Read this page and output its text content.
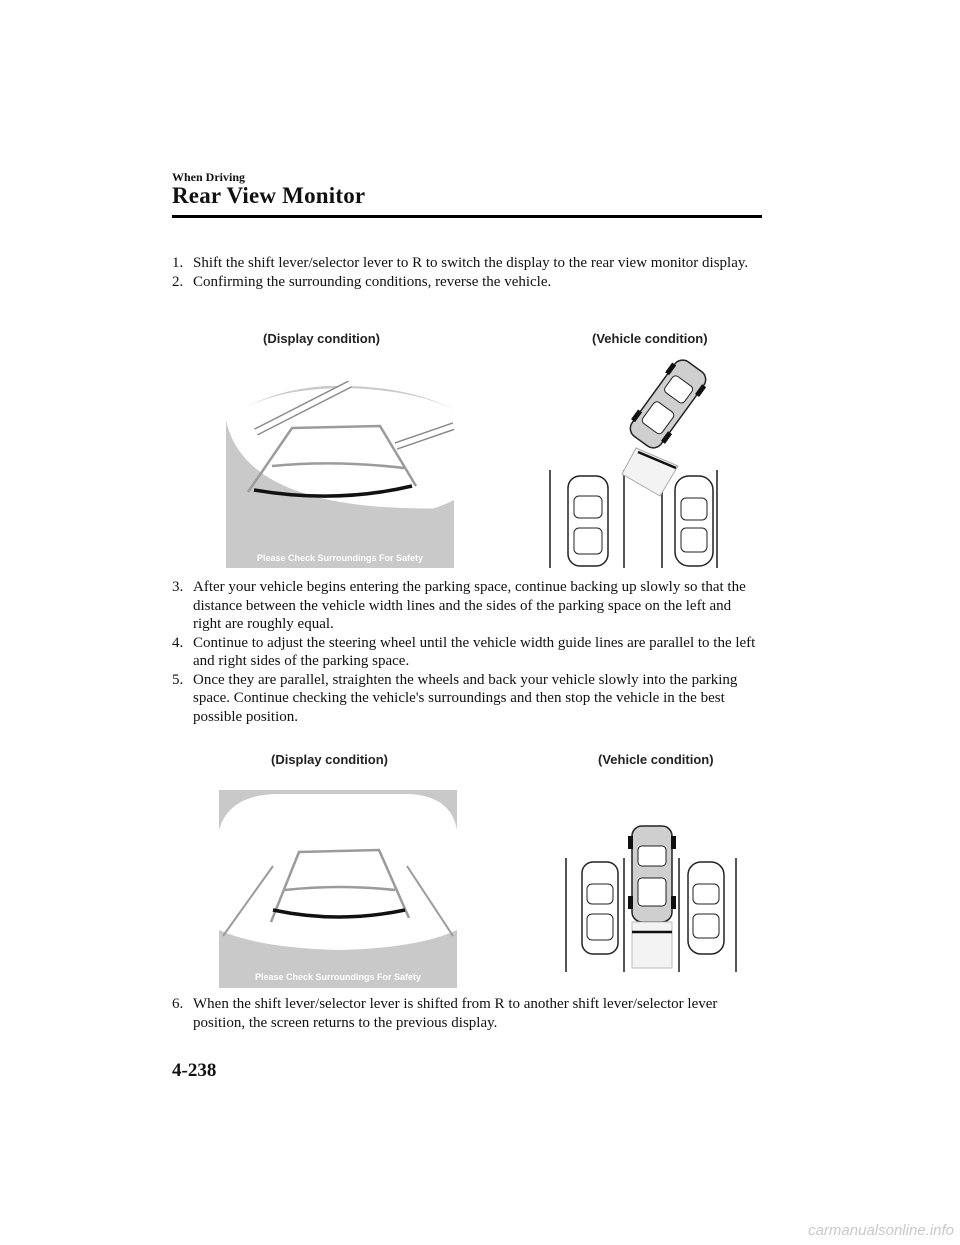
When Driving
Rear View Monitor

1. Shift the shift lever/selector lever to R to switch the display to the rear view monitor display.

2. Confirming the surrounding conditions, reverse the vehicle.

(Display condition)	(Vehicle condition)
Please Check Surroundings For Safety

3. After your vehicle begins entering the parking space, continue backing up slowly so that the distance between the vehicle width lines and the sides of the parking space on the left and right are roughly equal.

4. Continue to adjust the steering wheel until the vehicle width guide lines are parallel to the left and right sides of the parking space.

5. Once they are parallel, straighten the wheels and back your vehicle slowly into the parking space. Continue checking the vehicle's surroundings and then stop the vehicle in the best possible position.

(Display condition)	(Vehicle condition)
Please Check Surroundings For Safety

6. When the shift lever/selector lever is shifted from R to another shift lever/selector lever position, the screen returns to the previous display.

4-238
carmanualsonline.info
